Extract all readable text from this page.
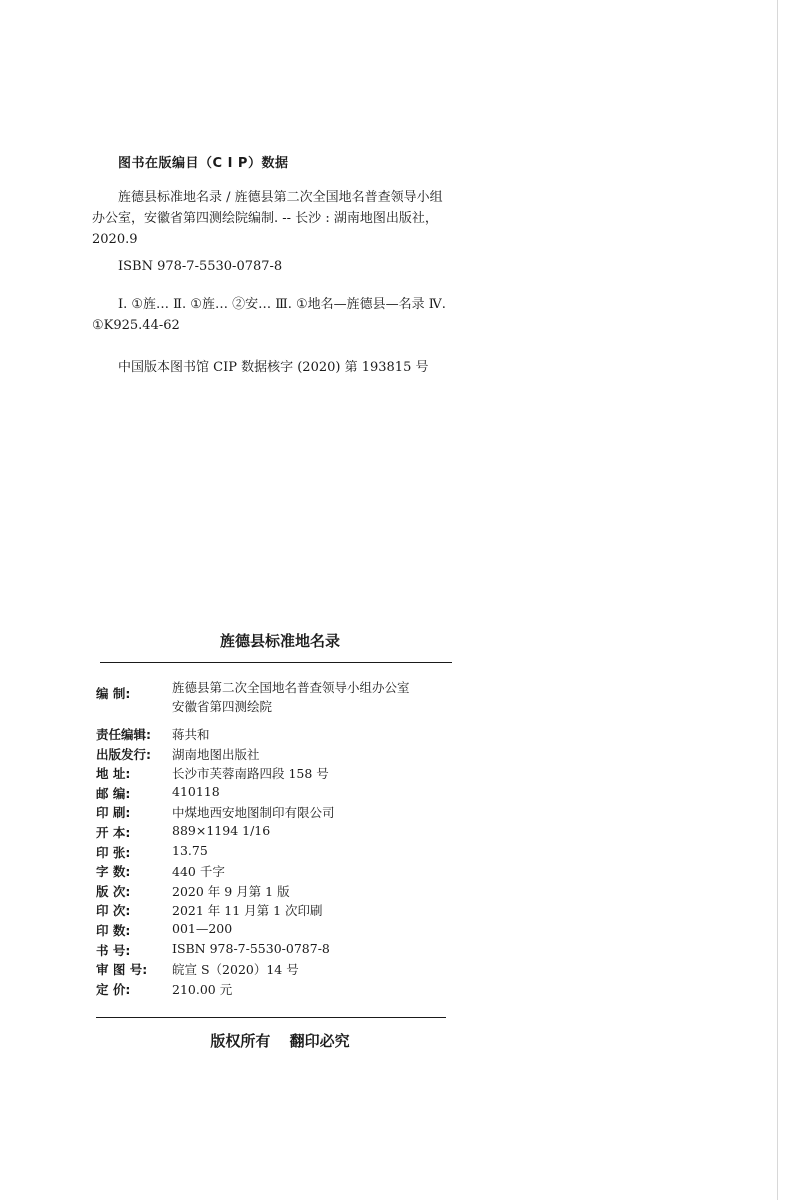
图书在版编目（C I P）数据
旌德县标准地名录 / 旌德县第二次全国地名普查领导小组办公室，安徽省第四测绘院编制. -- 长沙 : 湖南地图出版社，2020.9
ISBN 978-7-5530-0787-8
Ⅰ. ①旌… Ⅱ. ①旌… ②安… Ⅲ. ①地名—旌德县—名录 Ⅳ. ①K925.44-62
中国版本图书馆 CIP 数据核字 (2020) 第 193815 号
旌德县标准地名录
编 制:	旌德县第二次全国地名普查领导小组办公室
安徽省第四测绘院
责任编辑: 蒋共和
出版发行: 湖南地图出版社
地 址:	长沙市芙蓉南路四段 158 号
邮 编:	410118
印 刷:	中煤地西安地图制印有限公司
开 本:	889×1194 1/16
印 张:	13.75
字 数:	440 千字
版 次:	2020 年 9 月第 1 版
印 次:	2021 年 11 月第 1 次印刷
印 数:	001—200
书 号:	ISBN 978-7-5530-0787-8
审 图 号: 皖宣 S（2020）14 号
定 价:	210.00 元
版权所有 翻印必究
